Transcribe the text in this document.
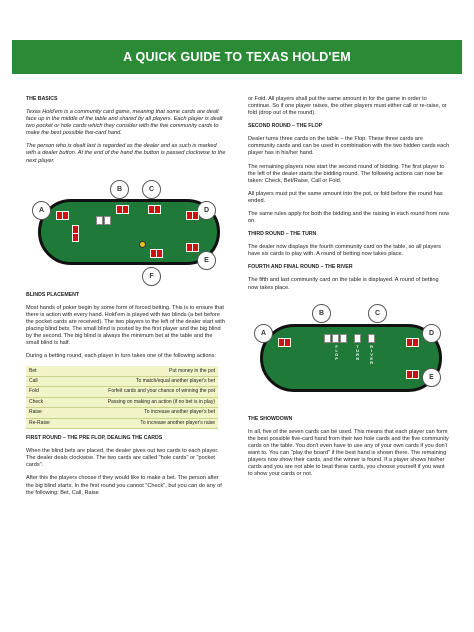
A QUICK GUIDE TO TEXAS HOLD'EM

THE BASICS

Texas Hold'em is a community card game, meaning that some cards are dealt face up in the middle of the table and shared by all players. Each player is dealt two pocket or hole cards which they consider with the five community cards to make the best possible five-card hand.

The person who is dealt last is regarded as the dealer and as such is marked with a dealer button. At the end of the hand the button is passed clockwise to the next player.

A
B	C
D
E
F

BLINDS PLACEMENT

Most hands of poker begin by some form of forced betting. This is to ensure that there is action with every hand. Hold'em is played with two blinds (a bet before the pocket cards are received). The two players to the left of the dealer start with placing blind bets. The small blind is posted by the first player and the big blind by the second. The big blind is always the minimum bet at the table and the small blind is half.

During a betting round, each player in turn takes one of the following actions:

Bet	Put money in the pot
Call	To match/equal another player's bet
Fold	Forfeit cards and your chance of winning the pot
Check	Passing on making an action (if no bet is in play)
Raise	To increase another player's bet
Re-Raise	To increase another player's raise

FIRST ROUND – THE PRE FLOP, DEALING THE CARDS

When the blind bets are placed, the dealer gives out two cards to each player. The dealer deals clockwise. The two cards are called "hole cards" or "pocket cards".

After this the players choose if they would like to make a bet. The person after the big blind starts. In the first round you cannot "Check", but you can do any of the following: Bet, Call, Raise

or Fold. All players shall put the same amount in for the game in order to continue. So if one player raises, the other players must either call or re-raise, or fold (drop out of the round).

SECOND ROUND – THE FLOP

Dealer turns three cards on the table – the Flop. These three cards are community cards and can be used in combination with the two hidden cards each player has in his/her hand.

The remaining players now start the second round of bidding. The first player to the left of the dealer starts the bidding round. The following actions can now be taken: Check, Bet/Raise, Call or Fold.

All players must put the same amount into the pot, or fold before the round has ended.

The same rules apply for both the bidding and the raising in each round from now on.

THIRD ROUND – THE TURN

The dealer now displays the fourth community card on the table, so all players have six cards to play with. A round of betting now takes place.

FOURTH AND FINAL ROUND – THE RIVER

The fifth and last community card on the table is displayed. A round of betting now takes place.

A
B	C
D
E
FLOP	TURN RIVER

THE SHOWDOWN

In all, five of the seven cards can be used. This means that each player can form the best possible five-card hand from their two hole cards and the five community cards on the table. You don't even have to use any of your own cards if you don't want to. You can "play the board" if the best hand is shown there. The remaining players now show their cards, and the winner is found. If a player shows his/her cards and you are not able to beat these cards, you choose yourself if you want to show your cards or not.
